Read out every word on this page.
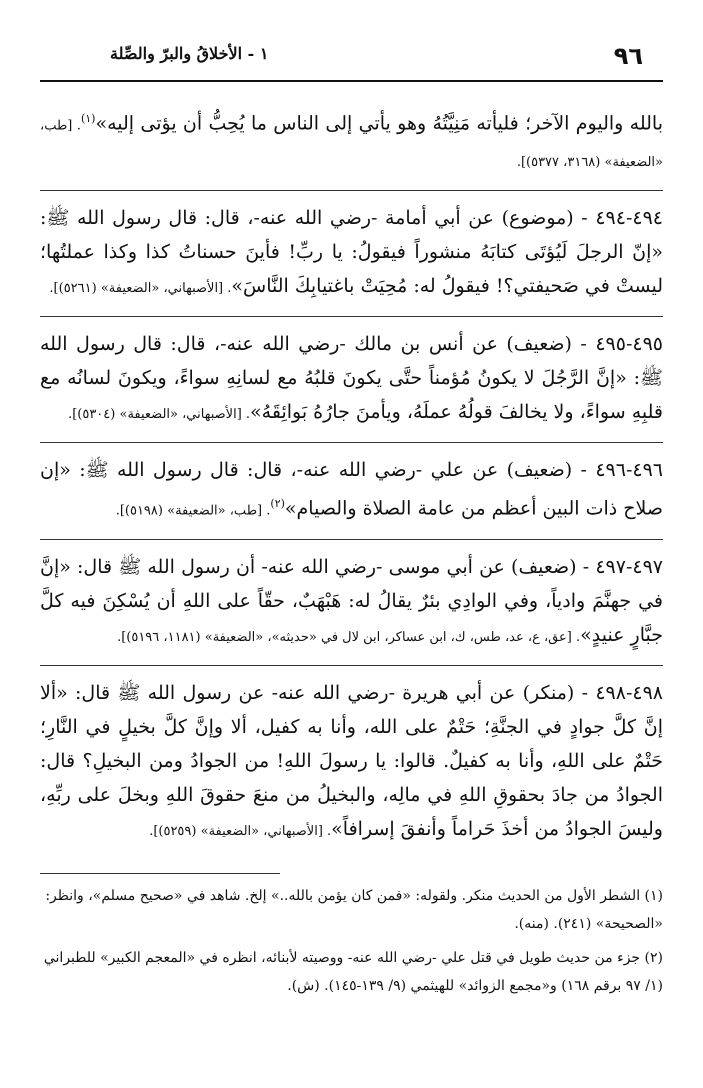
٩٦
١ - الأخلاقُ والبرّ والصِّلة

بالله واليوم الآخر؛ فليأته مَنِيَّتُهُ وهو يأتي إلى الناس ما يُحِبُّ أن يؤتى إليه»$^{(١)}$. [طب، «الضعيفة» (٣١٦٨، ٥٣٧٧)].

٤٩٤-٤٩٤ - (موضوع) عن أبي أمامة -رضي الله عنه-، قال: قال رسول الله ﷺ: «إنّ الرجلَ لَيُؤتَى كتابَهُ منشوراً فيقولُ: يا ربِّ! فأينَ حسناتُ كذا وكذا عملتُها؛ ليستْ في صَحيفتي؟! فيقولُ له: مُحِيَتْ باغتيابِكَ النَّاسَ». [الأصبهاني، «الضعيفة» (٥٢٦١)].

٤٩٥-٤٩٥ - (ضعيف) عن أنس بن مالك -رضي الله عنه-، قال: قال رسول الله ﷺ: «إنَّ الرَّجُلَ لا يكونُ مُؤمناً حتَّى يكونَ قلبُهُ مع لسانِهِ سواءً، ويكونَ لسانُه مع قلبِهِ سواءً، ولا يخالفَ قولُهُ عملَهُ، ويأمنَ جارُهُ بَوائِقَهُ». [الأصبهاني، «الضعيفة» (٥٣٠٤)].

٤٩٦-٤٩٦ - (ضعيف) عن علي -رضي الله عنه-، قال: قال رسول الله ﷺ: «إن صلاح ذات البين أعظم من عامة الصلاة والصيام»$^{(٢)}$. [طب، «الضعيفة» (٥١٩٨)].

٤٩٧-٤٩٧ - (ضعيف) عن أبي موسى -رضي الله عنه- أن رسول الله ﷺ قال: «إنَّ في جهنَّمَ وادياً، وفي الوادِي بئرٌ يقالُ له: هَبْهَبٌ، حقّاً على اللهِ أن يُسْكِنَ فيه كلَّ جبَّارٍ عنيدٍ». [عق، ع، عد، طس، ك، ابن عساكر، ابن لال في «حديثه»، «الضعيفة» (١١٨١، ٥١٩٦)].

٤٩٨-٤٩٨ - (منكر) عن أبي هريرة -رضي الله عنه- عن رسول الله ﷺ قال: «ألا إنَّ كلَّ جوادٍ في الجنَّةِ؛ حَتْمٌ على الله، وأنا به كفيل، ألا وإنَّ كلَّ بخيلٍ في النَّارِ؛ حَتْمٌ على اللهِ، وأنا به كفيلٌ. قالوا: يا رسولَ اللهِ! من الجوادُ ومن البخيلِ؟ قال: الجوادُ من جادَ بحقوقِ اللهِ في مالِه، والبخيلُ من منعَ حقوقَ اللهِ وبخلَ على ربِّهِ، وليسَ الجوادُ من أخذَ حَراماً وأنفقَ إسرافاً». [الأصبهاني، «الضعيفة» (٥٢٥٩)].

(١) الشطر الأول من الحديث منكر. ولقوله: «فمن كان يؤمن بالله..» إلخ. شاهد في «صحيح مسلم»، وانظر: «الصحيحة» (٢٤١). (منه).

(٢) جزء من حديث طويل في قتل علي -رضي الله عنه- ووصيته لأبنائه، انظره في «المعجم الكبير» للطبراني (١/ ٩٧ برقم ١٦٨) و«مجمع الزوائد» للهيثمي (٩/ ١٣٩-١٤٥). (ش).
